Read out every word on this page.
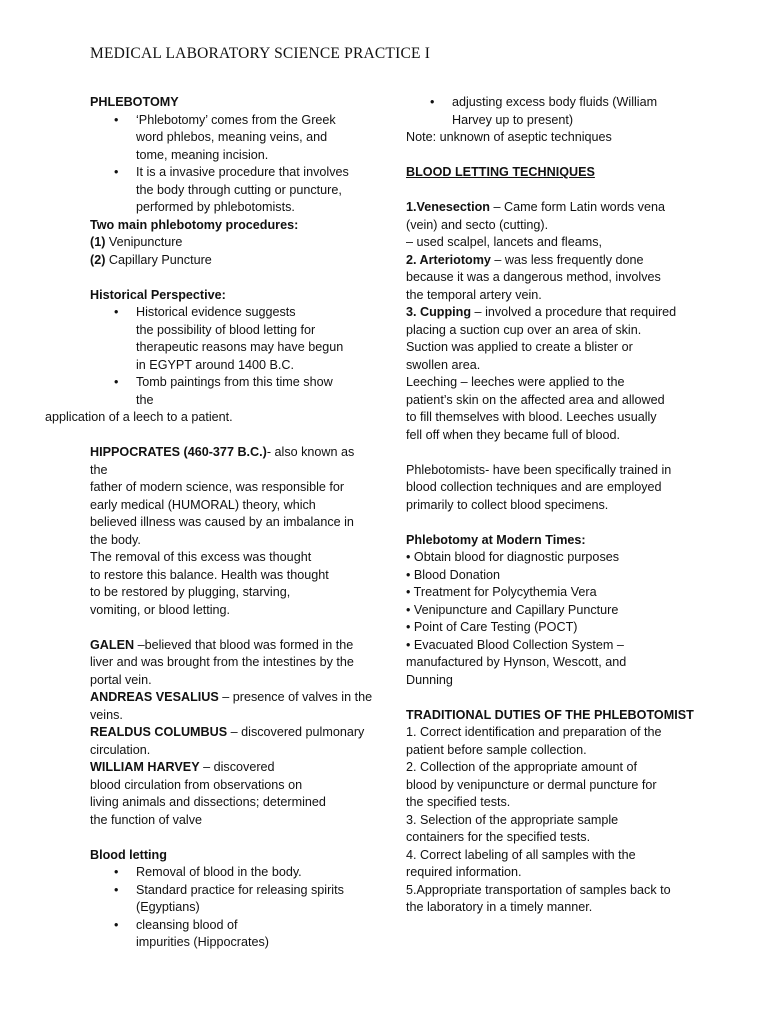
MEDICAL LABORATORY SCIENCE PRACTICE I

PHLEBOTOMY

• ‘Phlebotomy’ comes from the Greek
word phlebos, meaning veins, and
tome, meaning incision.
• It is a invasive procedure that involves
the body through cutting or puncture,
performed by phlebotomists.

Two main phlebotomy procedures:

(1) Venipuncture

(2) Capillary Puncture

Historical Perspective:

• Historical evidence suggests
the possibility of blood letting for
therapeutic reasons may have begun
in EGYPT around 1400 B.C.
• Tomb paintings from this time show
the

application of a leech to a patient.

HIPPOCRATES (460-377 B.C.)- also known as the
father of modern science, was responsible for
early medical (HUMORAL) theory, which
believed illness was caused by an imbalance in
the body.
The removal of this excess was thought
to restore this balance. Health was thought
to be restored by plugging, starving,
vomiting, or blood letting.

GALEN –believed that blood was formed in the
liver and was brought from the intestines by the
portal vein.

ANDREAS VESALIUS – presence of valves in the
veins.

REALDUS COLUMBUS – discovered pulmonary
circulation.

WILLIAM HARVEY – discovered
blood circulation from observations on
living animals and dissections; determined
the function of valve

Blood letting

• Removal of blood in the body.
• Standard practice for releasing spirits
(Egyptians)
• cleansing blood of
impurities (Hippocrates)
• adjusting excess body fluids (William
Harvey up to present)

Note: unknown of aseptic techniques

BLOOD LETTING TECHNIQUES

1.Venesection – Came form Latin words vena
(vein) and secto (cutting).
– used scalpel, lancets and fleams,

2. Arteriotomy – was less frequently done
because it was a dangerous method, involves
the temporal artery vein.

3. Cupping – involved a procedure that required
placing a suction cup over an area of skin.
Suction was applied to create a blister or
swollen area.

Leeching – leeches were applied to the
patient’s skin on the affected area and allowed
to fill themselves with blood. Leeches usually
fell off when they became full of blood.

Phlebotomists- have been specifically trained in
blood collection techniques and are employed
primarily to collect blood specimens.

Phlebotomy at Modern Times:

• Obtain blood for diagnostic purposes

• Blood Donation

• Treatment for Polycythemia Vera

• Venipuncture and Capillary Puncture

• Point of Care Testing (POCT)

• Evacuated Blood Collection System –
manufactured by Hynson, Wescott, and
Dunning

TRADITIONAL DUTIES OF THE PHLEBOTOMIST

1. Correct identification and preparation of the
patient before sample collection.

2. Collection of the appropriate amount of
blood by venipuncture or dermal puncture for
the specified tests.

3. Selection of the appropriate sample
containers for the specified tests.

4. Correct labeling of all samples with the
required information.

5.Appropriate transportation of samples back to
the laboratory in a timely manner.
